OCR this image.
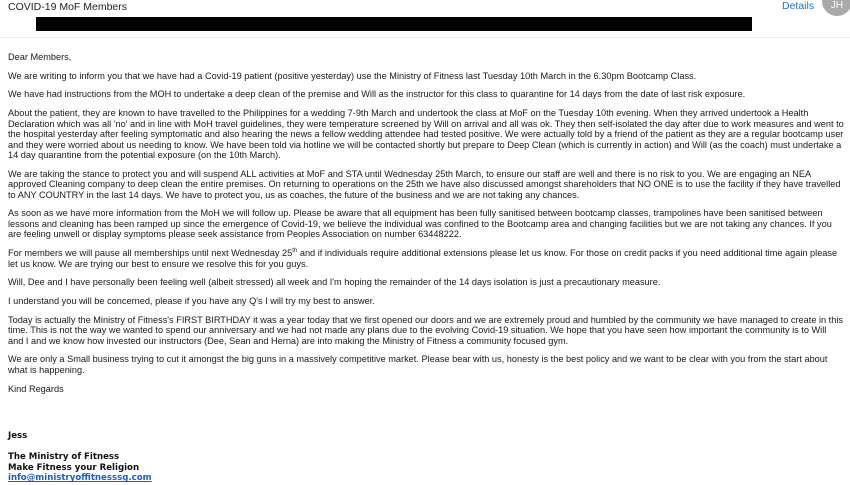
COVID-19 MoF Members	Details	JH

Dear Members,

We are writing to inform you that we have had a Covid-19 patient (positive yesterday) use the Ministry of Fitness last Tuesday 10th March in the 6.30pm Bootcamp Class.

We have had instructions from the MOH to undertake a deep clean of the premise and Will as the instructor for this class to quarantine for 14 days from the date of last risk exposure.

About the patient, they are known to have travelled to the Philippines for a wedding 7-9th March and undertook the class at MoF on the Tuesday 10th evening. When they arrived undertook a Health Declaration which was all 'no' and in line with MoH travel guidelines, they were temperature screened by Will on arrival and all was ok. They then self-isolated the day after due to work measures and went to the hospital yesterday after feeling symptomatic and also hearing the news a fellow wedding attendee had tested positive. We were actually told by a friend of the patient as they are a regular bootcamp user and they were worried about us needing to know. We have been told via hotline we will be contacted shortly but prepare to Deep Clean (which is currently in action) and Will (as the coach) must undertake a 14 day quarantine from the potential exposure (on the 10th March).

We are taking the stance to protect you and will suspend ALL activities at MoF and STA until Wednesday 25th March, to ensure our staff are well and there is no risk to you. We are engaging an NEA approved Cleaning company to deep clean the entire premises. On returning to operations on the 25th we have also discussed amongst shareholders that NO ONE is to use the facility if they have travelled to ANY COUNTRY in the last 14 days. We have to protect you, us as coaches, the future of the business and we are not taking any chances.

As soon as we have more information from the MoH we will follow up. Please be aware that all equipment has been fully sanitised between bootcamp classes, trampolines have been sanitised between lessons and cleaning has been ramped up since the emergence of Covid-19, we believe the individual was confined to the Bootcamp area and changing facilities but we are not taking any chances. If you are feeling unwell or display symptoms please seek assistance from Peoples Association on number 63448222.

For members we will pause all memberships until next Wednesday 25th and if individuals require additional extensions please let us know. For those on credit packs if you need additional time again please let us know. We are trying our best to ensure we resolve this for you guys.

Will, Dee and I have personally been feeling well (albeit stressed) all week and I'm hoping the remainder of the 14 days isolation is just a precautionary measure.

I understand you will be concerned, please if you have any Q's I will try my best to answer.

Today is actually the Ministry of Fitness's FIRST BIRTHDAY it was a year today that we first opened our doors and we are extremely proud and humbled by the community we have managed to create in this time. This is not the way we wanted to spend our anniversary and we had not made any plans due to the evolving Covid-19 situation. We hope that you have seen how important the community is to Will and I and we know how invested our instructors (Dee, Sean and Herna) are into making the Ministry of Fitness a community focused gym.

We are only a Small business trying to cut it amongst the big guns in a massively competitive market. Please bear with us, honesty is the best policy and we want to be clear with you from the start about what is happening.

Kind Regards

Jess
The Ministry of Fitness
Make Fitness your Religion
info@ministryoffitnesssg.com
